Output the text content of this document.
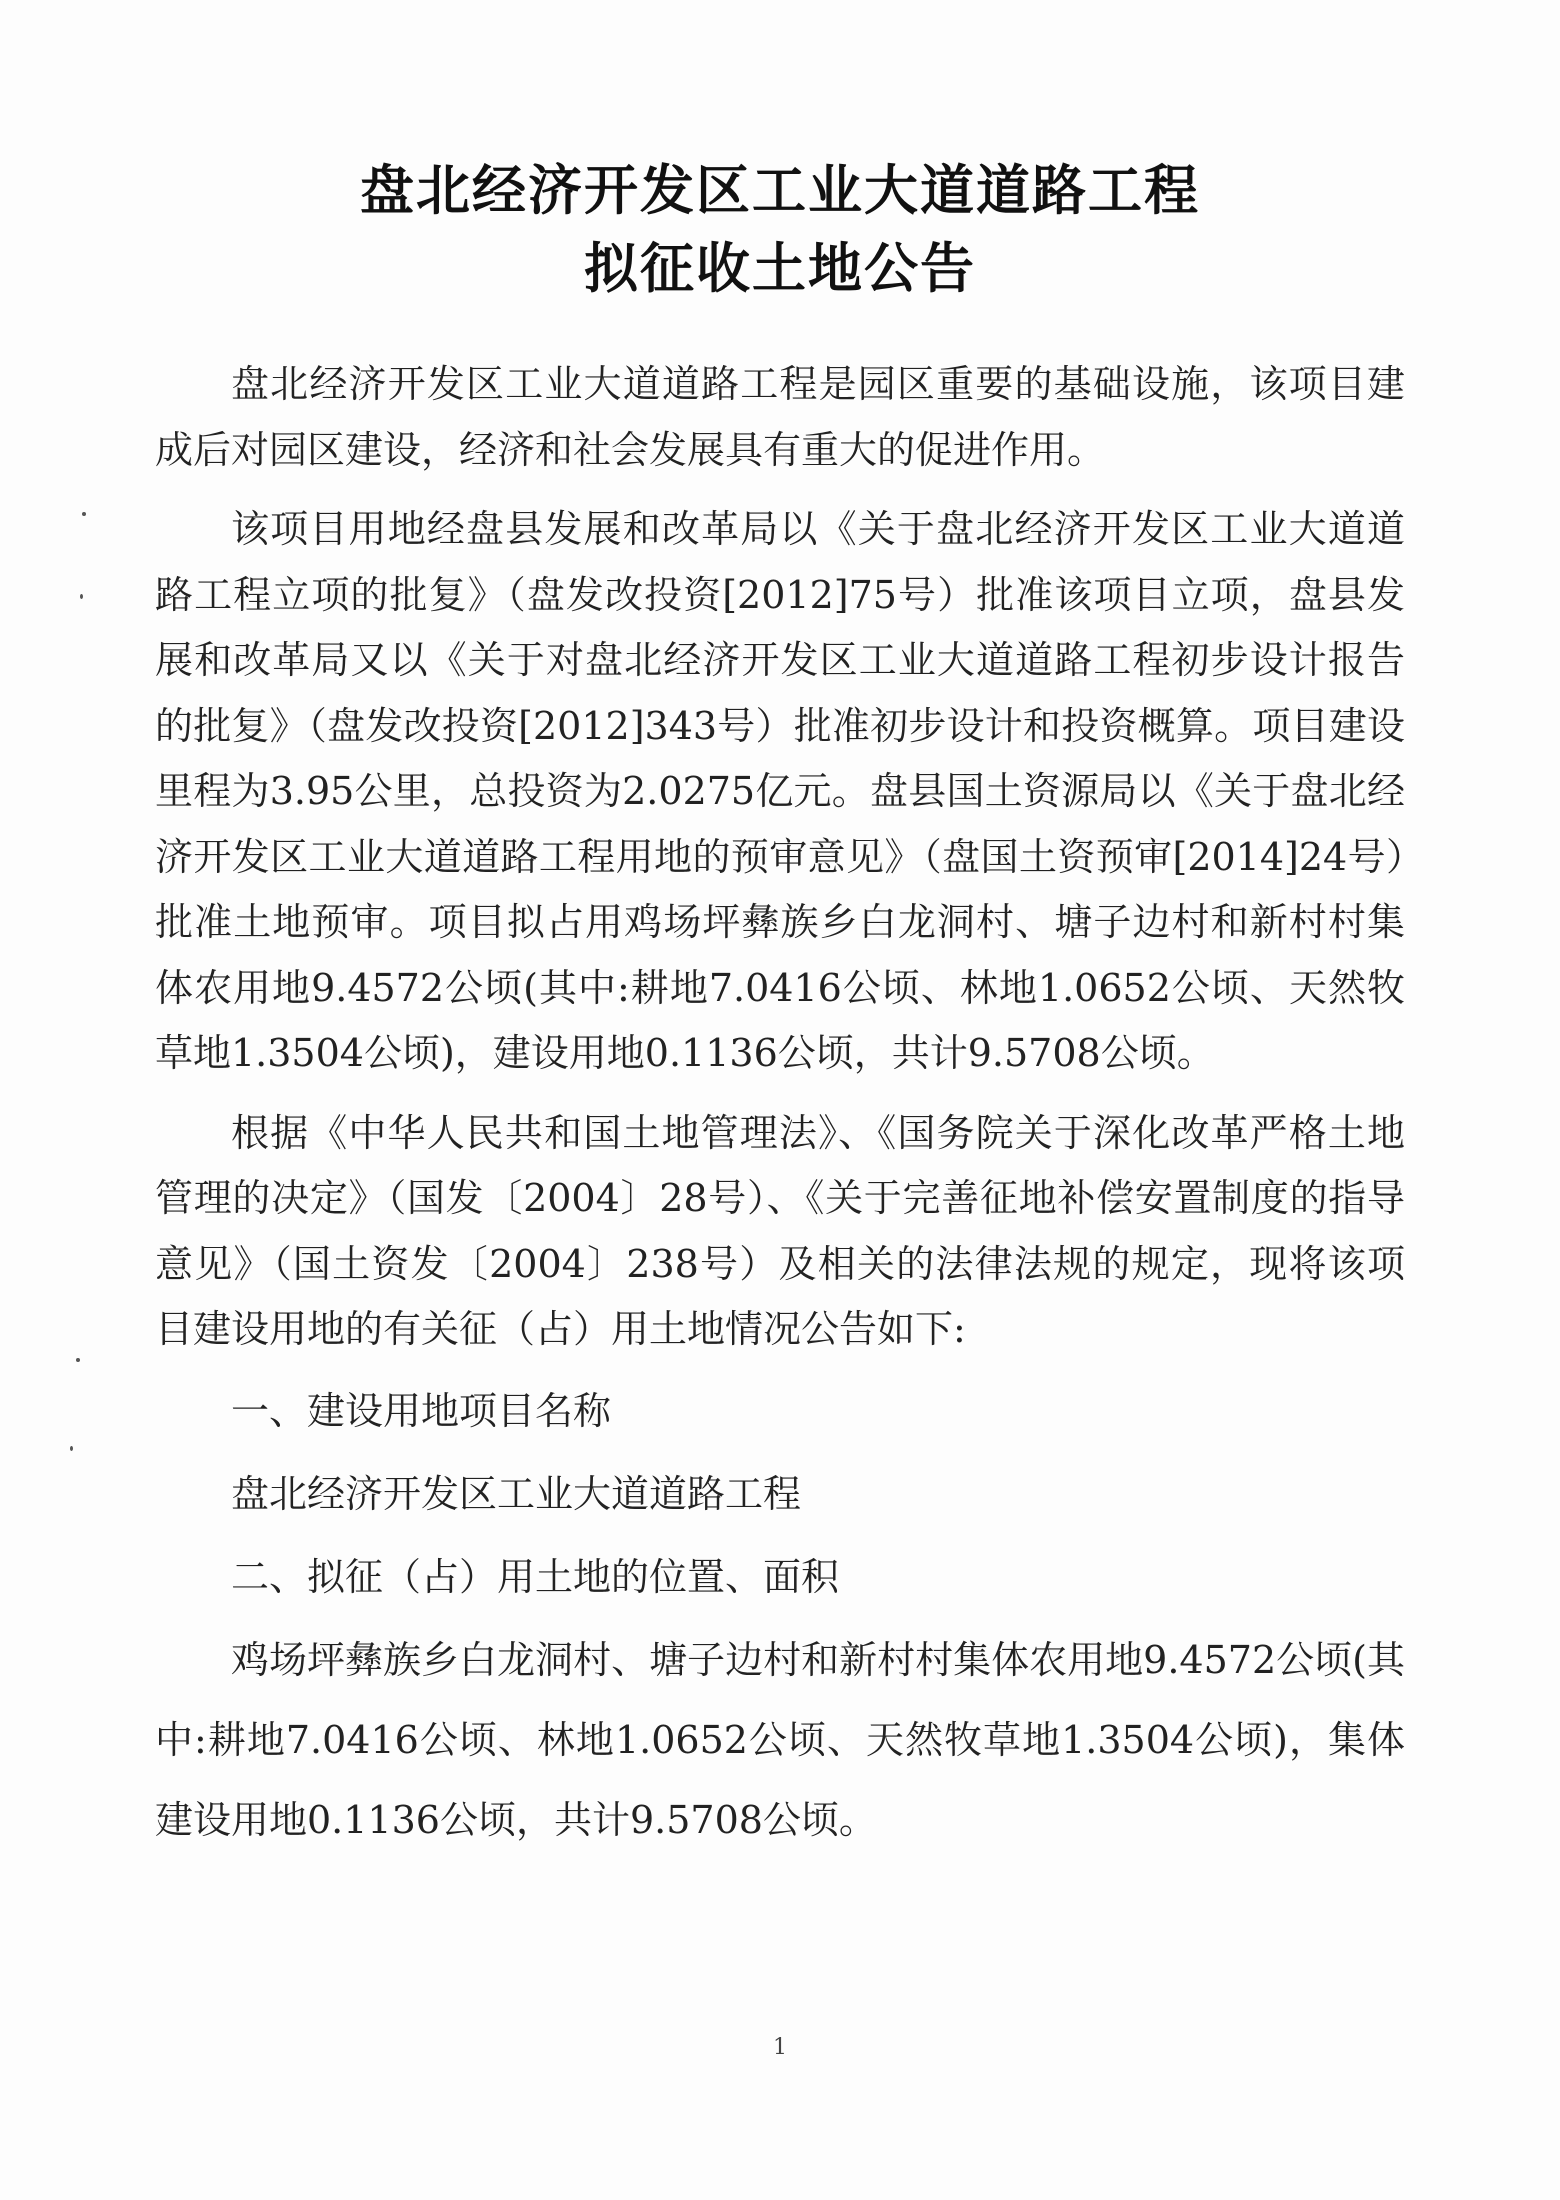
盘北经济开发区工业大道道路工程
拟征收土地公告

盘北经济开发区工业大道道路工程是园区重要的基础设施，该项目建成后对园区建设，经济和社会发展具有重大的促进作用。

该项目用地经盘县发展和改革局以《关于盘北经济开发区工业大道道路工程立项的批复》（盘发改投资[2012]75号）批准该项目立项，盘县发展和改革局又以《关于对盘北经济开发区工业大道道路工程初步设计报告的批复》（盘发改投资[2012]343号）批准初步设计和投资概算。项目建设里程为3.95公里，总投资为2.0275亿元。盘县国土资源局以《关于盘北经济开发区工业大道道路工程用地的预审意见》（盘国土资预审[2014]24号）批准土地预审。项目拟占用鸡场坪彝族乡白龙洞村、塘子边村和新村村集体农用地9.4572公顷(其中:耕地7.0416公顷、林地1.0652公顷、天然牧草地1.3504公顷)，建设用地0.1136公顷，共计9.5708公顷。

根据《中华人民共和国土地管理法》、《国务院关于深化改革严格土地管理的决定》（国发〔2004〕28号）、《关于完善征地补偿安置制度的指导意见》（国土资发〔2004〕238号）及相关的法律法规的规定，现将该项目建设用地的有关征（占）用土地情况公告如下:

一、建设用地项目名称

盘北经济开发区工业大道道路工程

二、拟征（占）用土地的位置、面积

鸡场坪彝族乡白龙洞村、塘子边村和新村村集体农用地9.4572公顷(其中:耕地7.0416公顷、林地1.0652公顷、天然牧草地1.3504公顷)，集体建设用地0.1136公顷，共计9.5708公顷。

1
